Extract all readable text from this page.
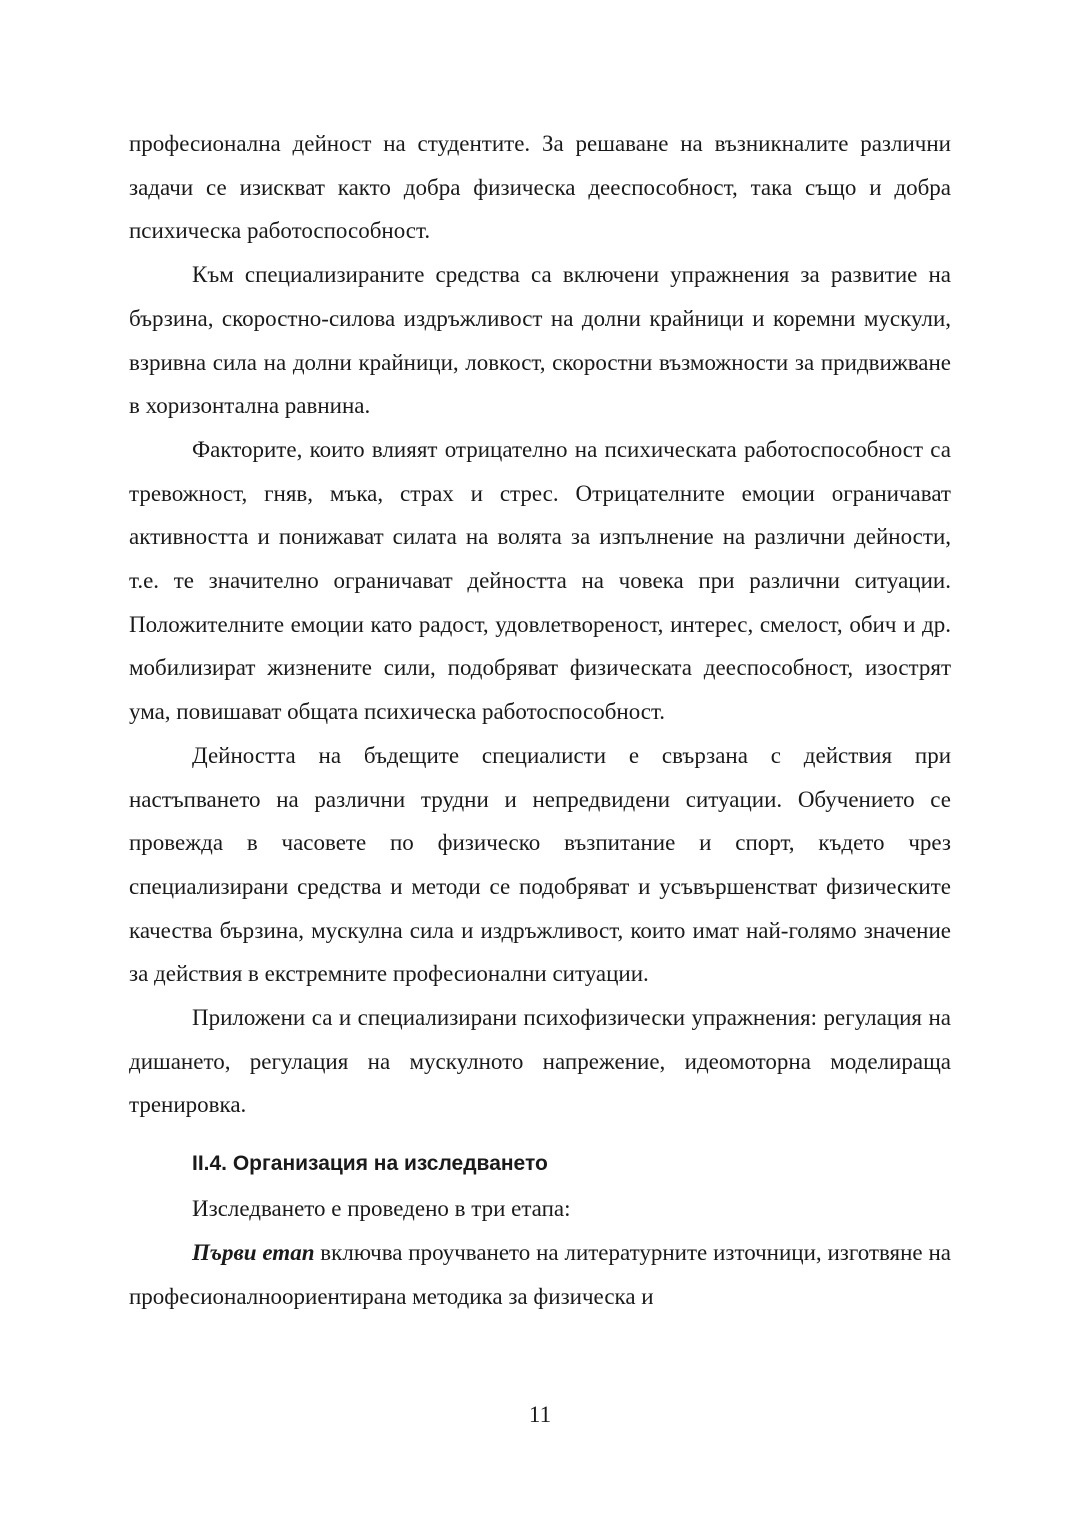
професионална дейност на студентите. За решаване на възникналите различни задачи се изискват както добра физическа дееспособност, така също и добра психическа работоспособност.

Към специализираните средства са включени упражнения за развитие на бързина, скоростно-силова издръжливост на долни крайници и коремни мускули, взривна сила на долни крайници, ловкост, скоростни възможности за придвижване в хоризонтална равнина.

Факторите, които влияят отрицателно на психическата работоспособност са тревожност, гняв, мъка, страх и стрес. Отрицателните емоции ограничават активността и понижават силата на волята за изпълнение на различни дейности, т.е. те значително ограничават дейността на човека при различни ситуации. Положителните емоции като радост, удовлетвореност, интерес, смелост, обич и др. мобилизират жизнените сили, подобряват физическата дееспособност, изострят ума, повишават общата психическа работоспособност.

Дейността на бъдещите специалисти е свързана с действия при настъпването на различни трудни и непредвидени ситуации. Обучението се провежда в часовете по физическо възпитание и спорт, където чрез специализирани средства и методи се подобряват и усъвършенстват физическите качества бързина, мускулна сила и издръжливост, които имат най-голямо значение за действия в екстремните професионални ситуации.

Приложени са и специализирани психофизически упражнения: регулация на дишането, регулация на мускулното напрежение, идеомоторна моделираща тренировка.

II.4. Организация на изследването

Изследването е проведено в три етапа:

Първи етап включва проучването на литературните източници, изготвяне на професионалноориентирана методика за физическа и

11
